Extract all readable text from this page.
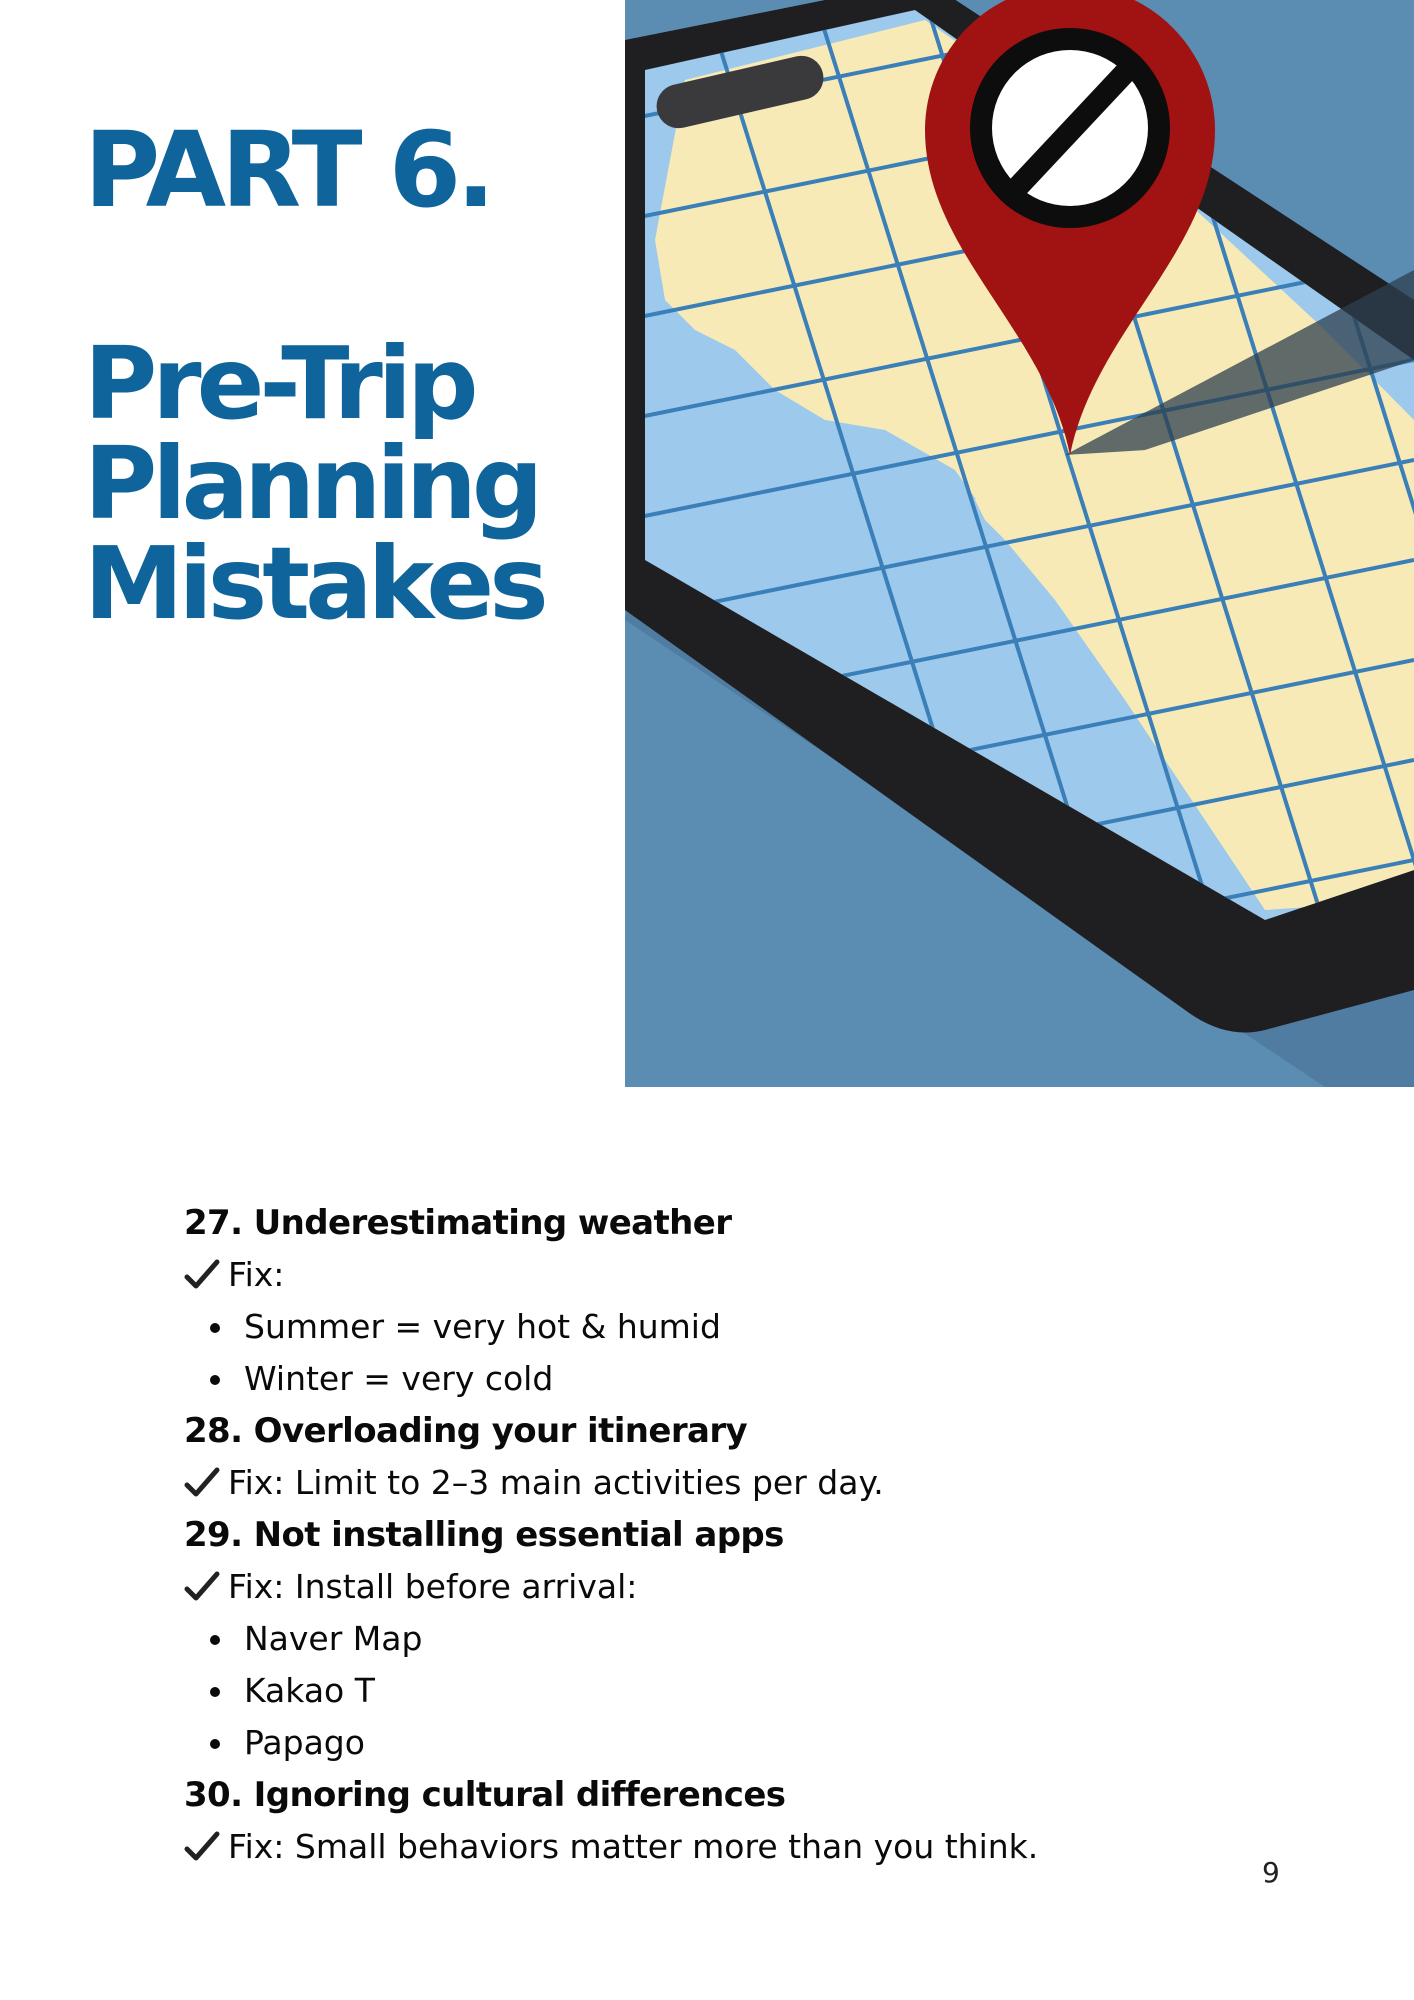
PART 6.
Pre-Trip
Planning
Mistakes
27. Underestimating weather
Fix:
Summer = very hot & humid
Winter = very cold
28. Overloading your itinerary
Fix: Limit to 2–3 main activities per day.
29. Not installing essential apps
Fix: Install before arrival:
Naver Map
Kakao T
Papago
30. Ignoring cultural differences
Fix: Small behaviors matter more than you think.
9
